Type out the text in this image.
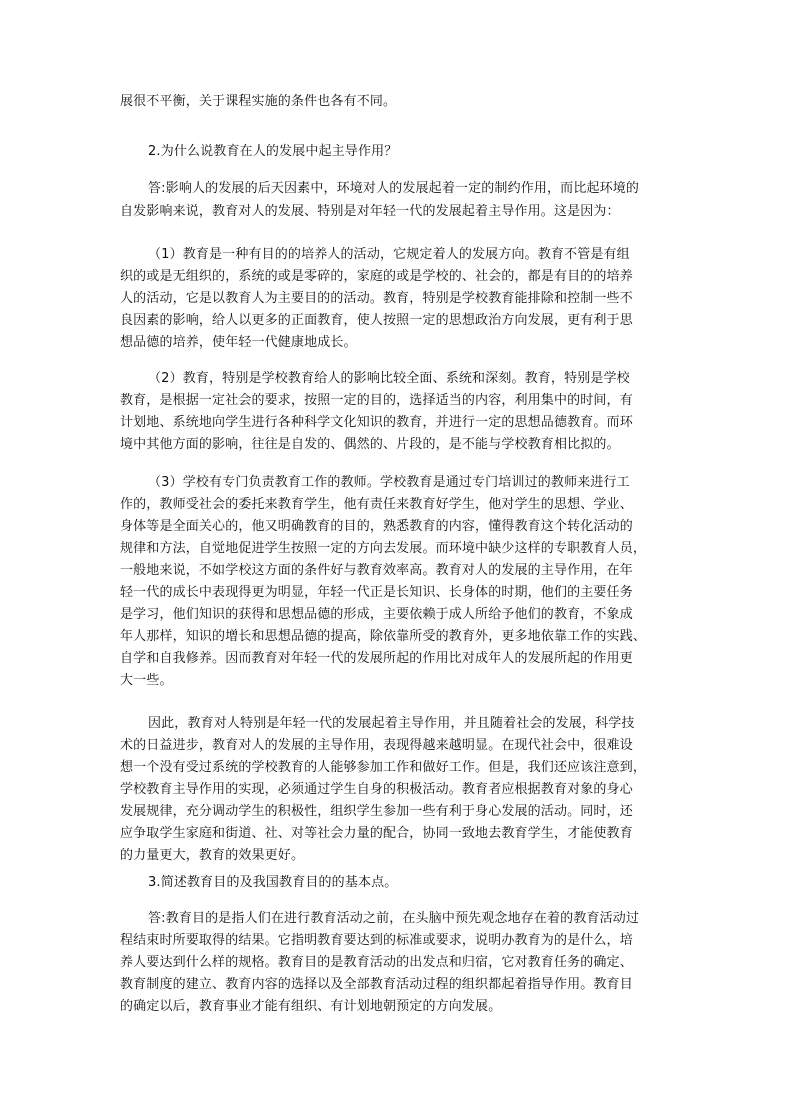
展很不平衡，关于课程实施的条件也各有不同。
2.为什么说教育在人的发展中起主导作用？
答:影响人的发展的后天因素中，环境对人的发展起着一定的制约作用，而比起环境的
自发影响来说，教育对人的发展、特别是对年轻一代的发展起着主导作用。这是因为：
（1）教育是一种有目的的培养人的活动，它规定着人的发展方向。教育不管是有组
织的或是无组织的，系统的或是零碎的，家庭的或是学校的、社会的，都是有目的的培养
人的活动，它是以教育人为主要目的的活动。教育，特别是学校教育能排除和控制一些不
良因素的影响，给人以更多的正面教育，使人按照一定的思想政治方向发展，更有利于思
想品德的培养，使年轻一代健康地成长。
（2）教育，特别是学校教育给人的影响比较全面、系统和深刻。教育，特别是学校
教育，是根据一定社会的要求，按照一定的目的，选择适当的内容，利用集中的时间，有
计划地、系统地向学生进行各种科学文化知识的教育，并进行一定的思想品德教育。而环
境中其他方面的影响，往往是自发的、偶然的、片段的，是不能与学校教育相比拟的。
（3）学校有专门负责教育工作的教师。学校教育是通过专门培训过的教师来进行工
作的，教师受社会的委托来教育学生，他有责任来教育好学生，他对学生的思想、学业、
身体等是全面关心的，他又明确教育的目的，熟悉教育的内容，懂得教育这个转化活动的
规律和方法，自觉地促进学生按照一定的方向去发展。而环境中缺少这样的专职教育人员，
一般地来说，不如学校这方面的条件好与教育效率高。教育对人的发展的主导作用，在年
轻一代的成长中表现得更为明显，年轻一代正是长知识、长身体的时期，他们的主要任务
是学习，他们知识的获得和思想品德的形成，主要依赖于成人所给予他们的教育，不象成
年人那样，知识的增长和思想品德的提高，除依靠所受的教育外，更多地依靠工作的实践、
自学和自我修养。因而教育对年轻一代的发展所起的作用比对成年人的发展所起的作用更
大一些。
因此，教育对人特别是年轻一代的发展起着主导作用，并且随着社会的发展，科学技
术的日益进步，教育对人的发展的主导作用，表现得越来越明显。在现代社会中，很难设
想一个没有受过系统的学校教育的人能够参加工作和做好工作。但是，我们还应该注意到，
学校教育主导作用的实现，必须通过学生自身的积极活动。教育者应根据教育对象的身心
发展规律，充分调动学生的积极性，组织学生参加一些有利于身心发展的活动。同时，还
应争取学生家庭和街道、社、对等社会力量的配合，协同一致地去教育学生，才能使教育
的力量更大，教育的效果更好。
3.简述教育目的及我国教育目的的基本点。
答:教育目的是指人们在进行教育活动之前，在头脑中预先观念地存在着的教育活动过
程结束时所要取得的结果。它指明教育要达到的标准或要求，说明办教育为的是什么，培
养人要达到什么样的规格。教育目的是教育活动的出发点和归宿，它对教育任务的确定、
教育制度的建立、教育内容的选择以及全部教育活动过程的组织都起着指导作用。教育目
的确定以后，教育事业才能有组织、有计划地朝预定的方向发展。
